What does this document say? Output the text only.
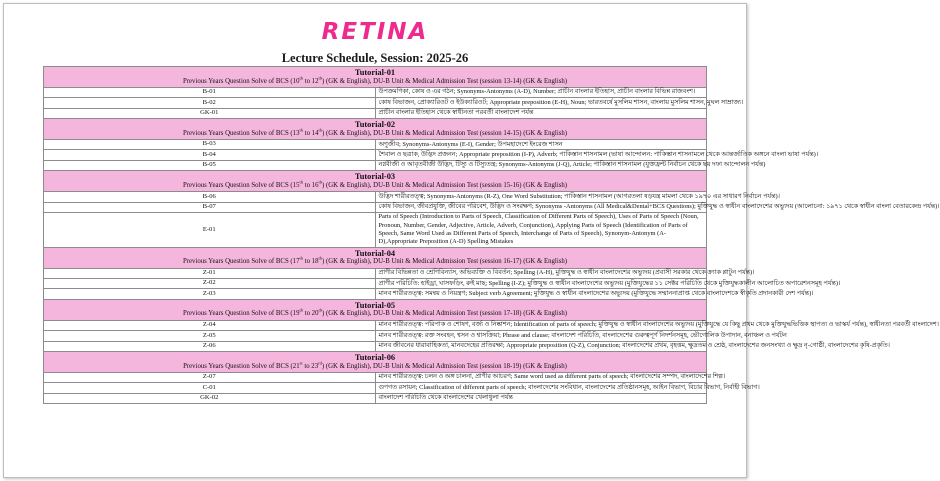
RETINA
Lecture Schedule, Session: 2025-26
Tutorial-01
Previous Years Question Solve of BCS (10th to 12th) (GK & English), DU-B Unit & Medical Admission Test (session 13-14) (GK & English)	

B-01	উপক্রমণিকা, কোষ ও এর গঠন; Synonyms-Antonyms (A-D), Number; প্রাচীন বাংলার ইতিহাস, প্রাচীন বাংলার বিভিন্ন রাজবংশ।
B-02	কোষ বিভাজন, প্রোক্যারিওট ও ইউক্যারিওট; Appropriate preposition (E-H), Noun; ভারতবর্ষে মুসলিম শাসন, বাংলায় মুসলিম শাসন, মুঘল সাম্রাজ্য।
GK-01	প্রাচীন বাংলার ইতিহাস থেকে স্বাধীনতা পরবর্তী বাংলাদেশ পর্যন্ত

Tutorial-02
Previous Years Question Solve of BCS (13th to 14th) (GK & English), DU-B Unit & Medical Admission Test (session 14-15) (GK & English)	

B-03	অণুজীব; Synonyms-Antonyms (E-I), Gender; উপমহাদেশে ইংরেজ শাসন
B-04	শৈবাল ও ছত্রাক, উদ্ভিদ প্রজনন; Appropriate preposition (I-P), Adverb; পাকিস্তান শাসনামল (ভাষা আন্দোলন: পাকিস্তান শাসনামলে থেকে আন্তর্জাতিক অঙ্গনে বাংলা ভাষা পর্যন্ত)।
B-05	নগ্নবীজী ও আবৃতবীজী উদ্ভিদ, টিস্যু ও টিস্যুতন্ত্র; Synonyms-Antonyms (J-Q), Article; পাকিস্তান শাসনামল (যুক্তফ্রন্ট নির্বাচন থেকে ছয় দফা আন্দোলন পর্যন্ত)

Tutorial-03
Previous Years Question Solve of BCS (15th to 16th) (GK & English), DU-B Unit & Medical Admission Test (session 15-16) (GK & English)	

B-06	উদ্ভিদ শারীরতত্ত্ব; Synonyms-Antonyms (R-Z), One Word Substitution; পাকিস্তান শাসনামল (আগরতলা ষড়যন্ত্র মামলা থেকে ১৯৭০ এর সাধারণ নির্বাচন পর্যন্ত)।
B-07	কোষ বিভাজন, জীবপ্রযুক্তি, জীবের পরিবেশ, উদ্ভিদ ও সংরক্ষণ; Synonyms -Antonyms (All Medical&Dental+BCS Questions); মুক্তিযুদ্ধ ও স্বাধীন বাংলাদেশের অভ্যুদয় (আলোচনা: ১৯৭১ থেকে স্বাধীন বাংলা বেতারকেন্দ্র পর্যন্ত)।
E-01	Parts of Speech (Introduction to Parts of Speech, Classification of Different Parts of Speech), Uses of Parts of Speech (Noun, Pronoun, Number, Gender, Adjective, Article, Adverb, Conjunction), Applying Parts of Speech (Identification of Parts of Speech, Same Word Used as Different Parts of Speech, Interchange of Parts of Speech), Synonym-Antonym (A-D),Appropriate Preposition (A-D) Spelling Mistakes

Tutorial-04
Previous Years Question Solve of BCS (17th to 18th) (GK & English), DU-B Unit & Medical Admission Test (session 16-17) (GK & English)	

Z-01	প্রাণীর বিভিন্নতা ও শ্রেণিবিন্যাস, অভিব্যক্তি ও বিবর্তন; Spelling (A-H), মুক্তিযুদ্ধ ও স্বাধীন বাংলাদেশের অভ্যুদয় (প্রবাসী সরকার থেকে ক্র্যাক প্লাটুন পর্যন্ত)।
Z-02	প্রাণীর পরিচিতি: হাইড্রা, ঘাসফড়িং, রুই মাছ; Spelling (I-Z); মুক্তিযুদ্ধ ও স্বাধীন বাংলাদেশের অভ্যুদয় (মুক্তিযুদ্ধের ১১ সেক্টর পরিচিতি থেকে মুক্তিযুদ্ধকালীন আলোচিত অপারেশনসমূহ পর্যন্ত)।
Z-03	মানব শারীরতত্ত্ব: সমন্বয় ও নিয়ন্ত্রণ; Subject verb Agreement; মুক্তিযুদ্ধ ও স্বাধীন বাংলাদেশের অভ্যুদয় (মুক্তিযুদ্ধে সম্মাননাপ্রাপ্ত থেকে বাংলাদেশকে স্বীকৃতি প্রদানকারী দেশ পর্যন্ত)।

Tutorial-05
Previous Years Question Solve of BCS (19th to 20th) (GK & English), DU-B Unit & Medical Admission Test (session 17-18) (GK & English)	

Z-04	মানব শারীরতত্ত্ব: পরিপাক ও শোষণ, বর্জ্য ও নিষ্কাশন; Identification of parts of speech; মুক্তিযুদ্ধ ও স্বাধীন বাংলাদেশের অভ্যুদয় (মুক্তিযুদ্ধে যে কিছু প্রথম থেকে মুক্তিযুদ্ধভিত্তিক স্থাপত্য ও ভাস্কর্য পর্যন্ত), স্বাধীনতা পরবর্তী বাংলাদেশ।
Z-05	মানব শারীরতত্ত্ব: রক্ত সংবহন, শ্বসন ও শ্বাসক্রিয়া; Phrase and clause; বাংলাদেশ পরিচিতি, বাংলাদেশের গুরুত্বপূর্ণ নিদর্শনসমূহ, ভৌগোলিক উপাদান, বনাঞ্চল ও পর্যটন
Z-06	মানব জীবনের ধারাবাহিকতা, মানবদেহের প্রতিরক্ষা; Appropriate preposition (Q-Z), Conjunction; বাংলাদেশের প্রথম, বৃহত্তম, ক্ষুদ্রতম ও শ্রেষ্ঠ, বাংলাদেশের জনসংখ্যা ও ক্ষুদ্র নৃ-গোষ্ঠী, বাংলাদেশের কৃষি-প্রকৃতি।

Tutorial-06
Previous Years Question Solve of BCS (21st to 23rd) (GK & English), DU-B Unit & Medical Admission Test (session 18-19) (GK & English)	

Z-07	মানব শারীরতত্ত্ব: চলন ও অঙ্গ চালনা, প্রাণীর আচরণ; Same word used as different parts of speech; বাংলাদেশের সম্পদ, বাংলাদেশের শিল্প।
C-01	গুণগত রসায়ন; Classification of different parts of speech; বাংলাদেশের সংবিধান, বাংলাদেশের প্রতিষ্ঠানসমূহ, আইন বিভাগ, বিচার বিভাগ, নির্বাহী বিভাগ।
GK-02	বাংলাদেশ পরিচিতি থেকে বাংলাদেশের খেলাধুলা পর্যন্ত
